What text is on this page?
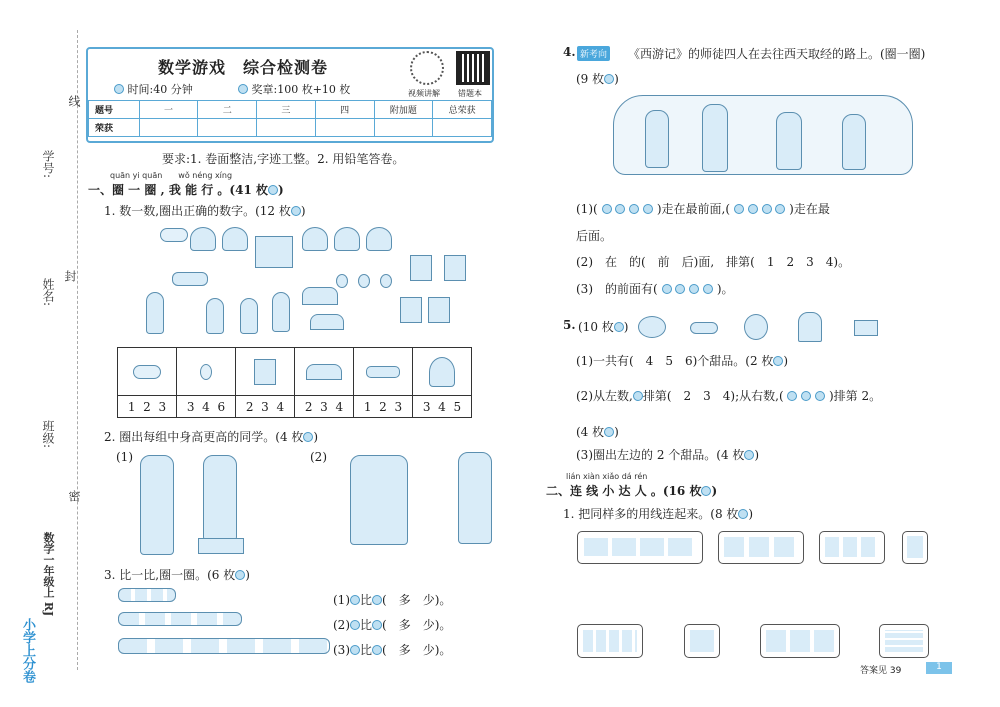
线
封
密
学号:
姓名:
班级:
数学一年级上 RJ
小学上分卷
数学游戏　综合检测卷
时间:40 分钟	奖章:100 枚+10 枚	视频讲解 错题本
题号	一	二	三	四	附加题	总荣获
荣获						
要求:1. 卷面整洁,字迹工整。2. 用铅笔答卷。
quān yi quān　　wǒ néng xíng
一、圈 一 圈 , 我 能 行 。(41 枚 )
1. 数一数,圈出正确的数字。(12 枚 )

1 2 3	3 4 6	2 3 4	2 3 4	1 2 3	3 4 5
2. 圈出每组中身高更高的同学。(4 枚 )
(1)	(2)
3. 比一比,圈一圈。(6 枚 )
(1) 比 (　多　少)。
(2) 比 (　多　少)。
(3) 比 (　多　少)。
4. 新考向 《西游记》的师徒四人在去往西天取经的路上。(圈一圈)
(9 枚 )
(1)(	)走在最前面,(	)走在最
后面。
(2)　在　的(　前　后)面,　排第(　1　2　3　4)。
(3)　的前面有(	)。
5. (10 枚 )
(1)一共有(　4　5　6)个甜品。(2 枚 )
(2)从左数, 排第(　2　3　4);从右数,(	)排第 2。
(4 枚 )
(3)圈出左边的 2 个甜品。(4 枚 )
lián xiàn xiǎo dá rén
二、连 线 小 达 人 。(16 枚 )
1. 把同样多的用线连起来。(8 枚 )
答案见 39	1
